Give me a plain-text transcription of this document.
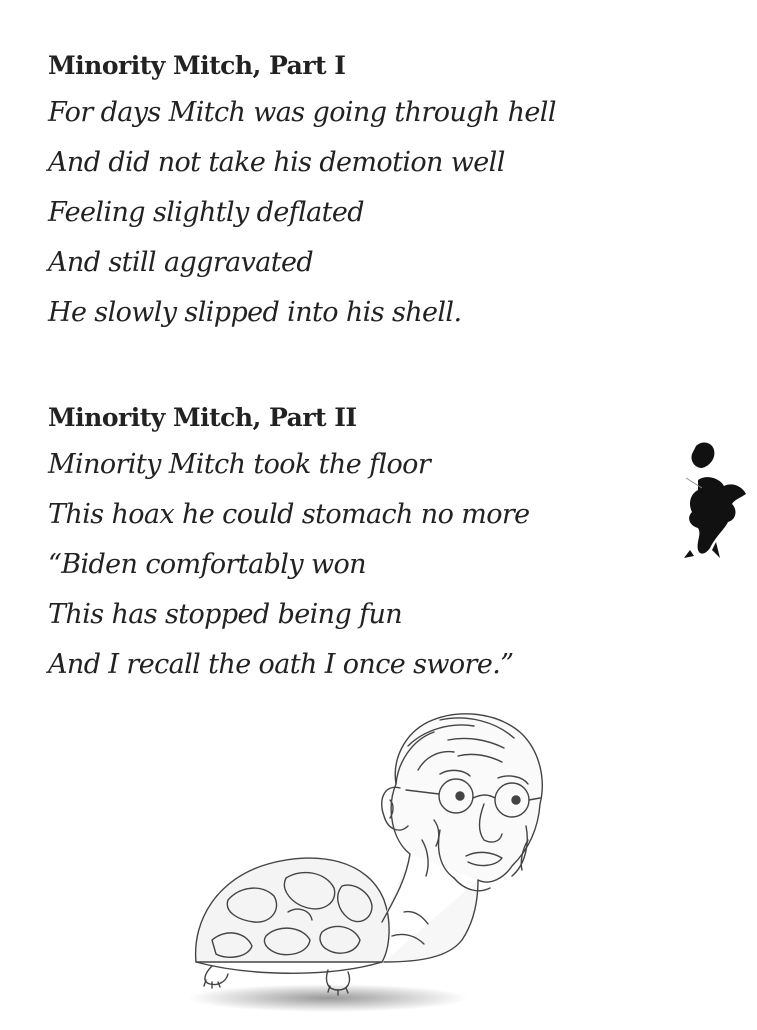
Minority Mitch, Part I

For days Mitch was going through hell

And did not take his demotion well

Feeling slightly deflated

And still aggravated

He slowly slipped into his shell.

Minority Mitch, Part II

Minority Mitch took the floor

This hoax he could stomach no more

“Biden comfortably won

This has stopped being fun

And I recall the oath I once swore.”
